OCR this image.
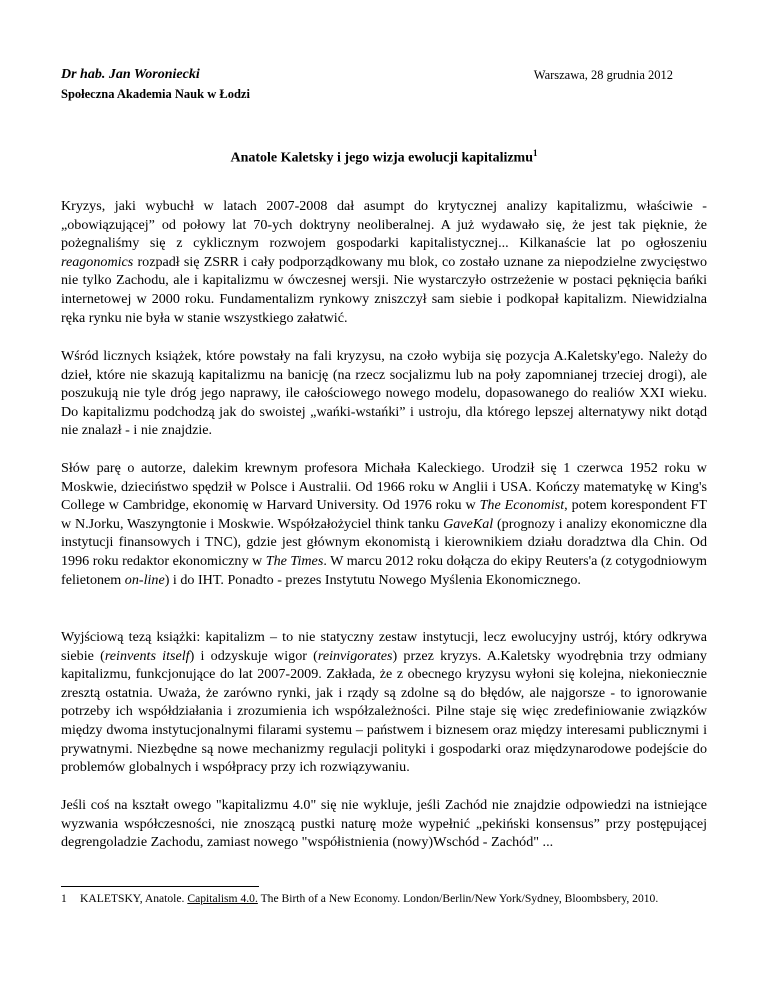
Dr hab. Jan Woroniecki
Społeczna Akademia Nauk w Łodzi
Warszawa, 28 grudnia 2012
Anatole Kaletsky i jego wizja ewolucji kapitalizmu$^1$

Kryzys, jaki wybuchł w latach 2007-2008 dał asumpt do krytycznej analizy kapitalizmu, właściwie - „obowiązującej” od połowy lat 70-ych doktryny neoliberalnej. A już wydawało się, że jest tak pięknie, że pożegnaliśmy się z cyklicznym rozwojem gospodarki kapitalistycznej... Kilkanaście lat po ogłoszeniu reagonomics rozpadł się ZSRR i cały podporządkowany mu blok, co zostało uznane za niepodzielne zwycięstwo nie tylko Zachodu, ale i kapitalizmu w ówczesnej wersji. Nie wystarczyło ostrzeżenie w postaci pęknięcia bańki internetowej w 2000 roku. Fundamentalizm rynkowy zniszczył sam siebie i podkopał kapitalizm. Niewidzialna ręka rynku nie była w stanie wszystkiego załatwić.

Wśród licznych książek, które powstały na fali kryzysu, na czoło wybija się pozycja A.Kaletsky'ego. Należy do dzieł, które nie skazują kapitalizmu na banicję (na rzecz socjalizmu lub na poły zapomnianej trzeciej drogi), ale poszukują nie tyle dróg jego naprawy, ile całościowego nowego modelu, dopasowanego do realiów XXI wieku. Do kapitalizmu podchodzą jak do swoistej „wańki-wstańki” i ustroju, dla którego lepszej alternatywy nikt dotąd nie znalazł - i nie znajdzie.

Słów parę o autorze, dalekim krewnym profesora Michała Kaleckiego. Urodził się 1 czerwca 1952 roku w Moskwie, dzieciństwo spędził w Polsce i Australii. Od 1966 roku w Anglii i USA. Kończy matematykę w King's College w Cambridge, ekonomię w Harvard University. Od 1976 roku w The Economist, potem korespondent FT w N.Jorku, Waszyngtonie i Moskwie. Współzałożyciel think tanku GaveKal (prognozy i analizy ekonomiczne dla instytucji finansowych i TNC), gdzie jest głównym ekonomistą i kierownikiem działu doradztwa dla Chin. Od 1996 roku redaktor ekonomiczny w The Times. W marcu 2012 roku dołącza do ekipy Reuters'a (z cotygodniowym felietonem on-line) i do IHT. Ponadto - prezes Instytutu Nowego Myślenia Ekonomicznego.

Wyjściową tezą książki: kapitalizm – to nie statyczny zestaw instytucji, lecz ewolucyjny ustrój, który odkrywa siebie (reinvents itself) i odzyskuje wigor (reinvigorates) przez kryzys. A.Kaletsky wyodrębnia trzy odmiany kapitalizmu, funkcjonujące do lat 2007-2009. Zakłada, że z obecnego kryzysu wyłoni się kolejna, niekoniecznie zresztą ostatnia. Uważa, że zarówno rynki, jak i rządy są zdolne są do błędów, ale najgorsze - to ignorowanie potrzeby ich współdziałania i zrozumienia ich współzależności. Pilne staje się więc zredefiniowanie związków między dwoma instytucjonalnymi filarami systemu – państwem i biznesem oraz między interesami publicznymi i prywatnymi. Niezbędne są nowe mechanizmy regulacji polityki i gospodarki oraz międzynarodowe podejście do problemów globalnych i współpracy przy ich rozwiązywaniu.

Jeśli coś na kształt owego "kapitalizmu 4.0" się nie wykluje, jeśli Zachód nie znajdzie odpowiedzi na istniejące wyzwania współczesności, nie znoszącą pustki naturę może wypełnić „pekiński konsensus” przy postępującej degrengoladzie Zachodu, zamiast nowego "współistnienia (nowy)Wschód - Zachód" ...

1 KALETSKY, Anatole. Capitalism 4.0. The Birth of a New Economy. London/Berlin/New York/Sydney, Bloombsbery, 2010.
